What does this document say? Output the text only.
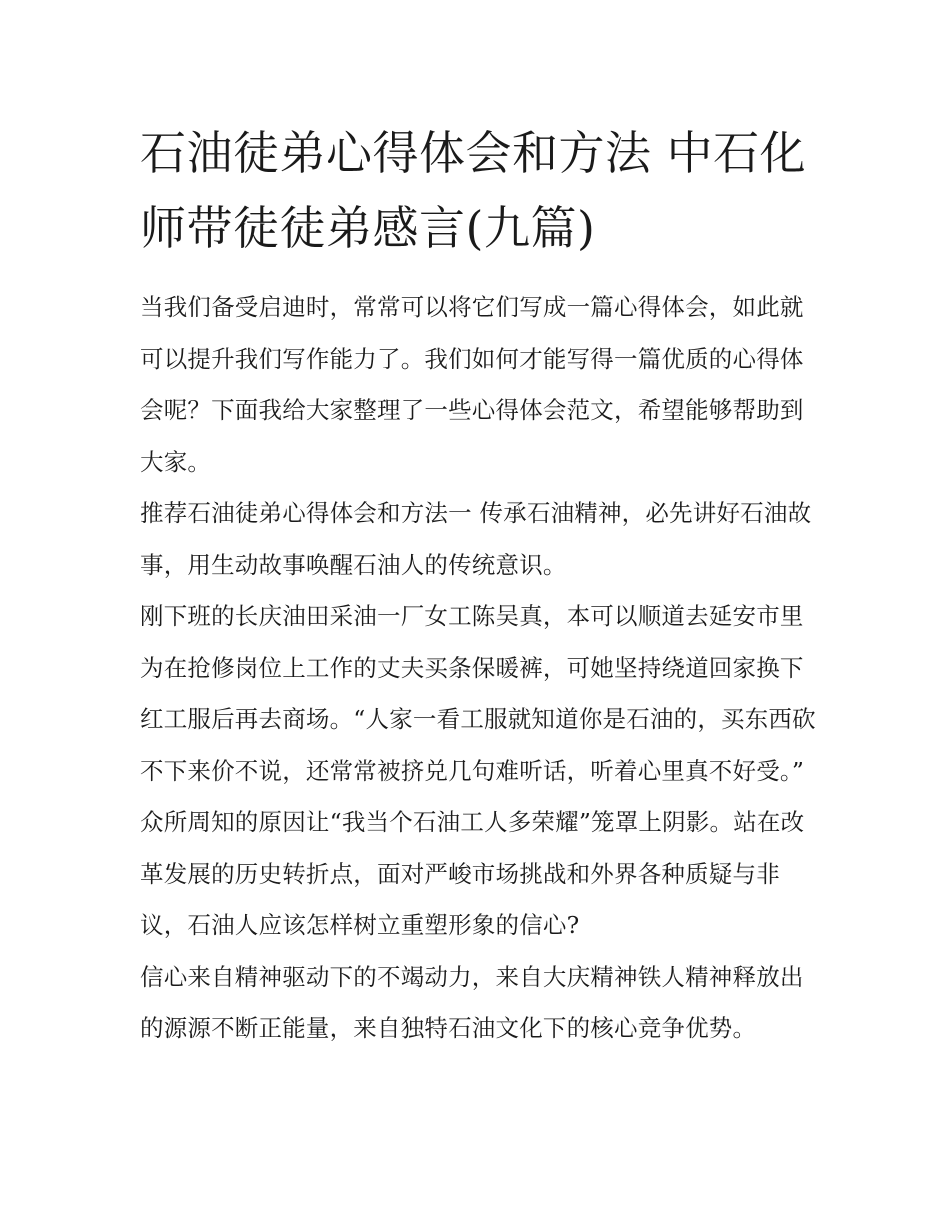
石油徒弟心得体会和方法 中石化师带徒徒弟感言(九篇)

当我们备受启迪时，常常可以将它们写成一篇心得体会，如此就可以提升我们写作能力了。我们如何才能写得一篇优质的心得体会呢？下面我给大家整理了一些心得体会范文，希望能够帮助到大家。

推荐石油徒弟心得体会和方法一 传承石油精神，必先讲好石油故事，用生动故事唤醒石油人的传统意识。

刚下班的长庆油田采油一厂女工陈吴真，本可以顺道去延安市里为在抢修岗位上工作的丈夫买条保暖裤，可她坚持绕道回家换下红工服后再去商场。“人家一看工服就知道你是石油的，买东西砍不下来价不说，还常常被挤兑几句难听话，听着心里真不好受。”

众所周知的原因让“我当个石油工人多荣耀”笼罩上阴影。站在改革发展的历史转折点，面对严峻市场挑战和外界各种质疑与非议，石油人应该怎样树立重塑形象的信心?

信心来自精神驱动下的不竭动力，来自大庆精神铁人精神释放出的源源不断正能量，来自独特石油文化下的核心竞争优势。
